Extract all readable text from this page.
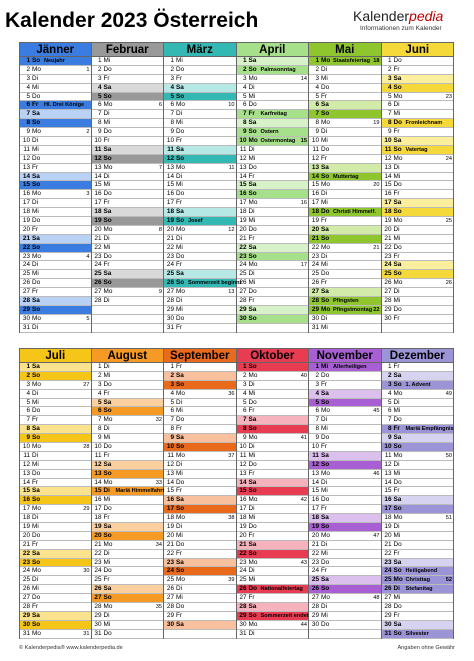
Kalender 2023 Österreich	Kalenderpedia
Informationen zum Kalender
Jänner
1 So Neujahr
2 Mo	1
3 Di
4 Mi
5 Do
6 Fr Hl. Drei Könige
7 Sa
8 So
9 Mo	2
10 Di
11 Mi
12 Do
13 Fr
14 Sa
15 So
16 Mo	3
17 Di
18 Mi
19 Do
20 Fr
21 Sa
22 So
23 Mo	4
24 Di
25 Mi
26 Do
27 Fr
28 Sa
29 So
30 Mo	5
31 Di
Februar
1 Mi
2 Do
3 Fr
4 Sa
5 So
6 Mo	6
7 Di
8 Mi
9 Do
10 Fr
11 Sa
12 So
13 Mo	7
14 Di
15 Mi
16 Do
17 Fr
18 Sa
19 So
20 Mo	8
21 Di
22 Mi
23 Do
24 Fr
25 Sa
26 So
27 Mo	9
28 Di
März
1 Mi
2 Do
3 Fr
4 Sa
5 So
6 Mo	10
7 Di
8 Mi
9 Do
10 Fr
11 Sa
12 So
13 Mo	11
14 Di
15 Mi
16 Do
17 Fr
18 Sa
19 So Josef
20 Mo	12
21 Di
22 Mi
23 Do
24 Fr
25 Sa
26 So Sommerzeit beginnt
27 Mo	13
28 Di
29 Mi
30 Do
31 Fr
April
1 Sa
2 So Palmsonntag
3 Mo	14
4 Di
5 Mi
6 Do
7 Fr Karfreitag
8 Sa
9 So Ostern
10 Mo Ostermontag 15
11 Di
12 Mi
13 Do
14 Fr
15 Sa
16 So
17 Mo	16
18 Di
19 Mi
20 Do
21 Fr
22 Sa
23 So
24 Mo	17
25 Di
26 Mi
27 Do
28 Fr
29 Sa
30 So
Mai
1 Mo Staatsfeiertag 18
2 Di
3 Mi
4 Do
5 Fr
6 Sa
7 So
8 Mo	19
9 Di
10 Mi
11 Do
12 Fr
13 Sa
14 So Muttertag
15 Mo	20
16 Di
17 Mi
18 Do Christi Himmelf.
19 Fr
20 Sa
21 So
22 Mo	21
23 Di
24 Mi
25 Do
26 Fr
27 Sa
28 So Pfingsten
29 Mo Pfingstmontag 22
30 Di
31 Mi
Juni
1 Do
2 Fr
3 Sa
4 So
5 Mo	23
6 Di
7 Mi
8 Do Fronleichnam
9 Fr
10 Sa
11 So Vatertag
12 Mo	24
13 Di
14 Mi
15 Do
16 Fr
17 Sa
18 So
19 Mo	25
20 Di
21 Mi
22 Do
23 Fr
24 Sa
25 So
26 Mo	26
27 Di
28 Mi
29 Do
30 Fr
Juli
1 Sa
2 So
3 Mo	27
4 Di
5 Mi
6 Do
7 Fr
8 Sa
9 So
10 Mo	28
11 Di
12 Mi
13 Do
14 Fr
15 Sa
16 So
17 Mo	29
18 Di
19 Mi
20 Do
21 Fr
22 Sa
23 So
24 Mo	30
25 Di
26 Mi
27 Do
28 Fr
29 Sa
30 So
31 Mo	31
August
1 Di
2 Mi
3 Do
4 Fr
5 Sa
6 So
7 Mo	32
8 Di
9 Mi
10 Do
11 Fr
12 Sa
13 So
14 Mo	33
15 Di Mariä Himmelfahrt
16 Mi
17 Do
18 Fr
19 Sa
20 So
21 Mo	34
22 Di
23 Mi
24 Do
25 Fr
26 Sa
27 So
28 Mo	35
29 Di
30 Mi
31 Do
September
1 Fr
2 Sa
3 So
4 Mo	36
5 Di
6 Mi
7 Do
8 Fr
9 Sa
10 So
11 Mo	37
12 Di
13 Mi
14 Do
15 Fr
16 Sa
17 So
18 Mo	38
19 Di
20 Mi
21 Do
22 Fr
23 Sa
24 So
25 Mo	39
26 Di
27 Mi
28 Do
29 Fr
30 Sa
Oktober
1 So
2 Mo	40
3 Di
4 Mi
5 Do
6 Fr
7 Sa
8 So
9 Mo	41
10 Di
11 Mi
12 Do
13 Fr
14 Sa
15 So
16 Mo	42
17 Di
18 Mi
19 Do
20 Fr
21 Sa
22 So
23 Mo	43
24 Di
25 Mi
26 Do Nationalfeiertag
27 Fr
28 Sa
29 So Sommerzeit endet
30 Mo	44
31 Di
November
1 Mi Allerheiligen
2 Do
3 Fr
4 Sa
5 So
6 Mo	45
7 Di
8 Mi
9 Do
10 Fr
11 Sa
12 So
13 Mo	46
14 Di
15 Mi
16 Do
17 Fr
18 Sa
19 So
20 Mo	47
21 Di
22 Mi
23 Do
24 Fr
25 Sa
26 So
27 Mo	48
28 Di
29 Mi
30 Do
Dezember
1 Fr
2 Sa
3 So 1. Advent
4 Mo	49
5 Di
6 Mi
7 Do
8 Fr Mariä Empfängnis
9 Sa
10 So
11 Mo	50
12 Di
13 Mi
14 Do
15 Fr
16 Sa
17 So
18 Mo	51
19 Di
20 Mi
21 Do
22 Fr
23 Sa
24 So Heiligabend
25 Mo Christtag	52
26 Di Stefanitag
27 Mi
28 Do
29 Fr
30 Sa
31 So Silvester
© Kalenderpedia® www.kalenderpedia.de	Angaben ohne Gewähr
